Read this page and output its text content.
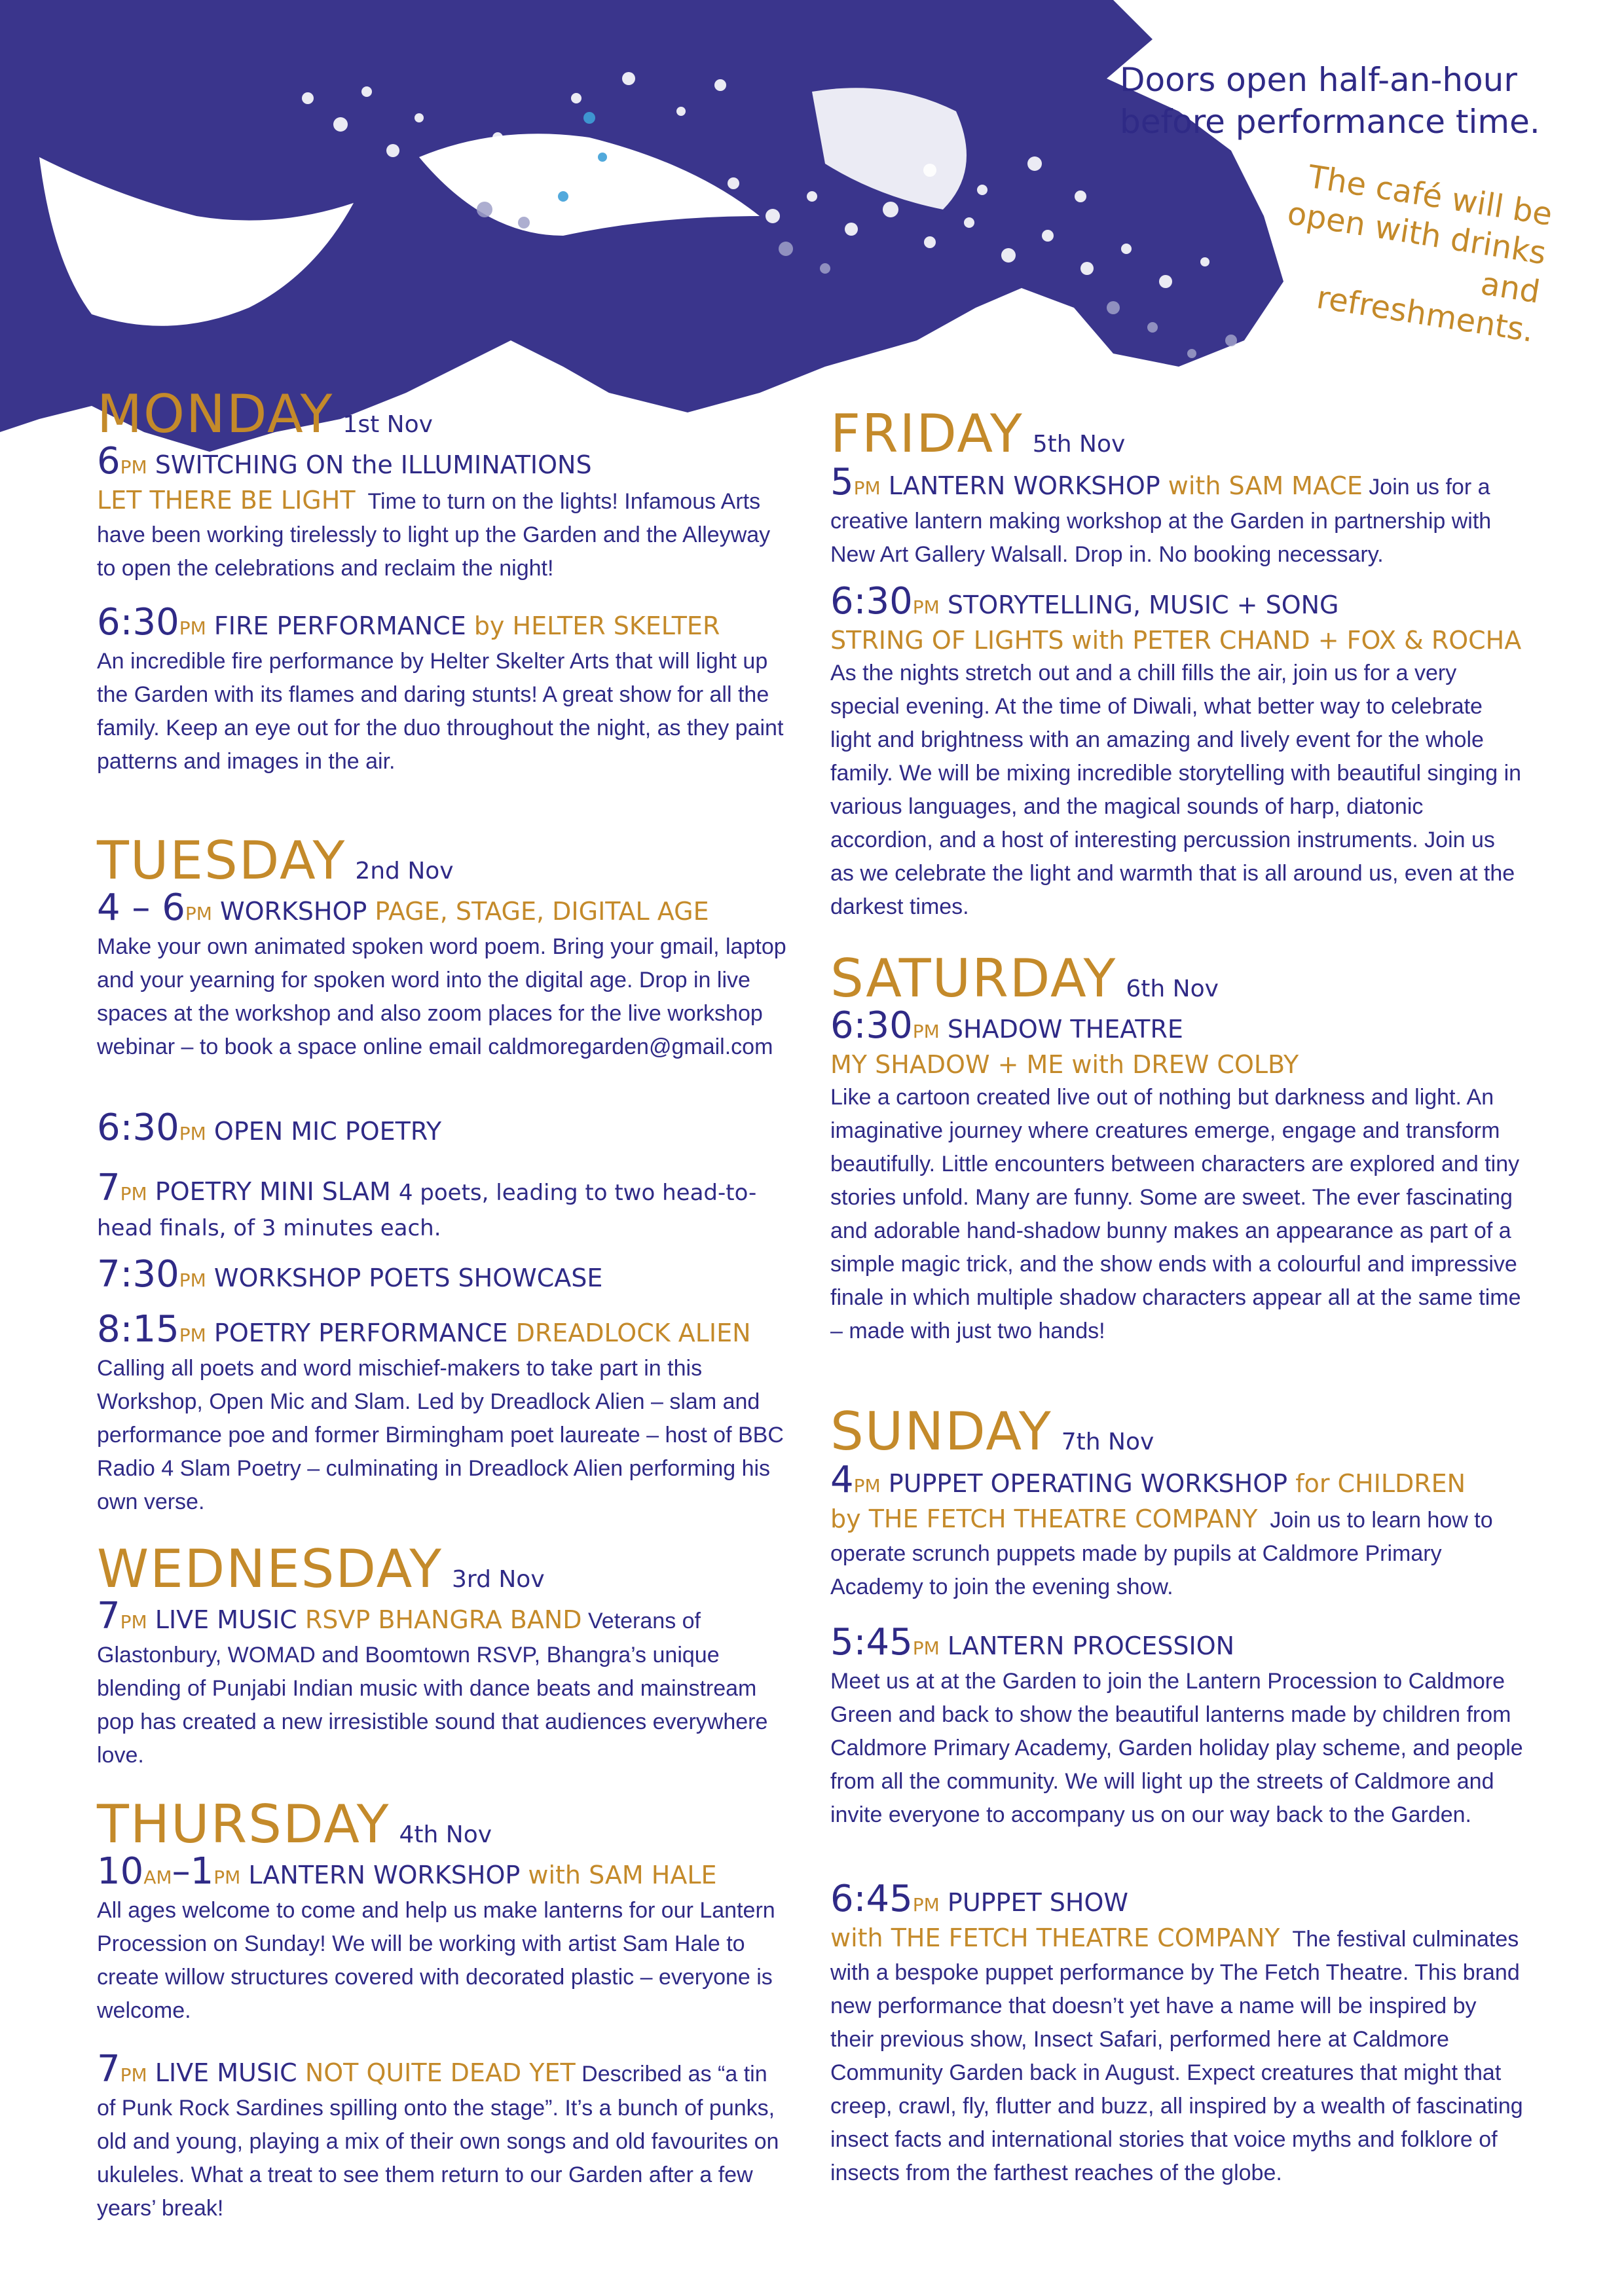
Doors open half-an-hour
before performance time.
The café will be
open with drinks
and refreshments.
MONDAY 1st Nov
6PM SWITCHING ON the ILLUMINATIONS
LET THERE BE LIGHT Time to turn on the lights! Infamous Arts have been working tirelessly to light up the Garden and the Alleyway to open the celebrations and reclaim the night!
6:30PM FIRE PERFORMANCE by HELTER SKELTER
An incredible fire performance by Helter Skelter Arts that will light up the Garden with its flames and daring stunts! A great show for all the family. Keep an eye out for the duo throughout the night, as they paint patterns and images in the air.
TUESDAY 2nd Nov
4 – 6PM WORKSHOP PAGE, STAGE, DIGITAL AGE
Make your own animated spoken word poem. Bring your gmail, laptop and your yearning for spoken word into the digital age. Drop in live spaces at the workshop and also zoom places for the live workshop webinar – to book a space online email caldmoregarden@gmail.com
6:30PM OPEN MIC POETRY
7PM POETRY MINI SLAM 4 poets, leading to two head-to-head finals, of 3 minutes each.
7:30PM WORKSHOP POETS SHOWCASE
8:15PM POETRY PERFORMANCE DREADLOCK ALIEN
Calling all poets and word mischief-makers to take part in this Workshop, Open Mic and Slam. Led by Dreadlock Alien – slam and performance poe and former Birmingham poet laureate – host of BBC Radio 4 Slam Poetry – culminating in Dreadlock Alien performing his own verse.
WEDNESDAY 3rd Nov
7PM LIVE MUSIC RSVP BHANGRA BAND Veterans of Glastonbury, WOMAD and Boomtown RSVP, Bhangra’s unique blending of Punjabi Indian music with dance beats and mainstream pop has created a new irresistible sound that audiences everywhere love.
THURSDAY 4th Nov
10AM–1PM LANTERN WORKSHOP with SAM HALE
All ages welcome to come and help us make lanterns for our Lantern Procession on Sunday! We will be working with artist Sam Hale to create willow structures covered with decorated plastic – everyone is welcome.
7PM LIVE MUSIC NOT QUITE DEAD YET Described as “a tin of Punk Rock Sardines spilling onto the stage”. It’s a bunch of punks, old and young, playing a mix of their own songs and old favourites on ukuleles. What a treat to see them return to our Garden after a few years’ break!
FRIDAY 5th Nov
5PM LANTERN WORKSHOP with SAM MACE Join us for a creative lantern making workshop at the Garden in partnership with New Art Gallery Walsall. Drop in. No booking necessary.
6:30PM STORYTELLING, MUSIC + SONG
STRING OF LIGHTS with PETER CHAND + FOX & ROCHA
As the nights stretch out and a chill fills the air, join us for a very special evening. At the time of Diwali, what better way to celebrate light and brightness with an amazing and lively event for the whole family. We will be mixing incredible storytelling with beautiful singing in various languages, and the magical sounds of harp, diatonic accordion, and a host of interesting percussion instruments. Join us as we celebrate the light and warmth that is all around us, even at the darkest times.
SATURDAY 6th Nov
6:30PM SHADOW THEATRE
MY SHADOW + ME with DREW COLBY
Like a cartoon created live out of nothing but darkness and light. An imaginative journey where creatures emerge, engage and transform beautifully. Little encounters between characters are explored and tiny stories unfold. Many are funny. Some are sweet. The ever fascinating and adorable hand-shadow bunny makes an appearance as part of a simple magic trick, and the show ends with a colourful and impressive finale in which multiple shadow characters appear all at the same time – made with just two hands!
SUNDAY 7th Nov
4PM PUPPET OPERATING WORKSHOP for CHILDREN
by THE FETCH THEATRE COMPANY Join us to learn how to operate scrunch puppets made by pupils at Caldmore Primary Academy to join the evening show.
5:45PM LANTERN PROCESSION
Meet us at at the Garden to join the Lantern Procession to Caldmore Green and back to show the beautiful lanterns made by children from Caldmore Primary Academy, Garden holiday play scheme, and people from all the community. We will light up the streets of Caldmore and invite everyone to accompany us on our way back to the Garden.
6:45PM PUPPET SHOW
with THE FETCH THEATRE COMPANY The festival culminates with a bespoke puppet performance by The Fetch Theatre. This brand new performance that doesn’t yet have a name will be inspired by their previous show, Insect Safari, performed here at Caldmore Community Garden back in August. Expect creatures that might that creep, crawl, fly, flutter and buzz, all inspired by a wealth of fascinating insect facts and international stories that voice myths and folklore of insects from the farthest reaches of the globe.
